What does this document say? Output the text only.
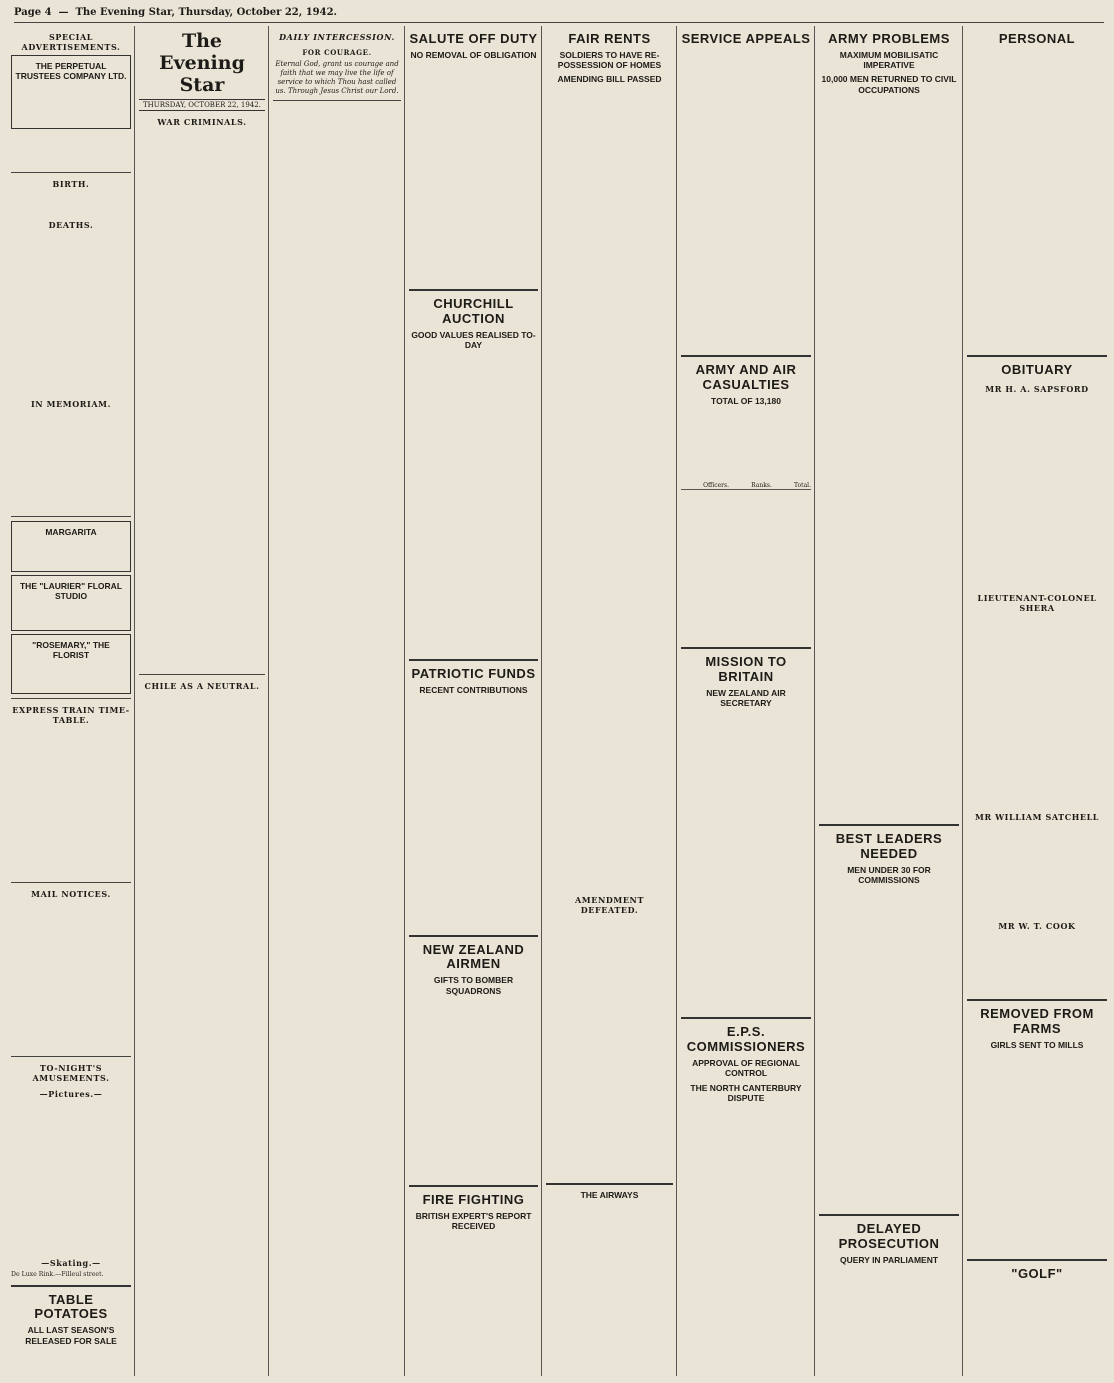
Page 4  —  The Evening Star, Thursday, October 22, 1942.
SPECIAL ADVERTISEMENTS.
THE PERPETUAL TRUSTEES COMPANY LTD.

BIRTH.

DEATHS.

IN MEMORIAM.

MARGARITA

THE "LAURIER" FLORAL STUDIO

"ROSEMARY," THE FLORIST

EXPRESS TRAIN TIME-TABLE.

MAIL NOTICES.

TO-NIGHT'S AMUSEMENTS.
—Pictures.—

—Skating.—
De Luxe Rink.—Filleul street.
TABLE POTATOES
ALL LAST SEASON'S RELEASED FOR SALE

The Evening Star
THURSDAY, OCTOBER 22, 1942.
WAR CRIMINALS.

CHILE AS A NEUTRAL.

DAILY INTERCESSION.
FOR COURAGE.
Eternal God, grant us courage and faith that we may live the life of service to which Thou hast called us. Through Jesus Christ our Lord.

SALUTE OFF DUTY
NO REMOVAL OF OBLIGATION

CHURCHILL AUCTION
GOOD VALUES REALISED TO-DAY

PATRIOTIC FUNDS
RECENT CONTRIBUTIONS

NEW ZEALAND AIRMEN
GIFTS TO BOMBER SQUADRONS

FIRE FIGHTING
BRITISH EXPERT'S REPORT RECEIVED

FAIR RENTS
SOLDIERS TO HAVE RE-POSSESSION OF HOMES
AMENDING BILL PASSED

AMENDMENT DEFEATED.

THE AIRWAYS

SERVICE APPEALS

ARMY AND AIR CASUALTIES
TOTAL OF 13,180

Officers.	Ranks.	Total.

MISSION TO BRITAIN
NEW ZEALAND AIR SECRETARY

E.P.S. COMMISSIONERS
APPROVAL OF REGIONAL CONTROL
THE NORTH CANTERBURY DISPUTE

ARMY PROBLEMS
MAXIMUM MOBILISATIC IMPERATIVE
10,000 MEN RETURNED TO CIVIL OCCUPATIONS

BEST LEADERS NEEDED
MEN UNDER 30 FOR COMMISSIONS

DELAYED PROSECUTION
QUERY IN PARLIAMENT

PERSONAL

OBITUARY
MR H. A. SAPSFORD

LIEUTENANT-COLONEL SHERA

MR WILLIAM SATCHELL

MR W. T. COOK

REMOVED FROM FARMS
GIRLS SENT TO MILLS

"GOLF"
